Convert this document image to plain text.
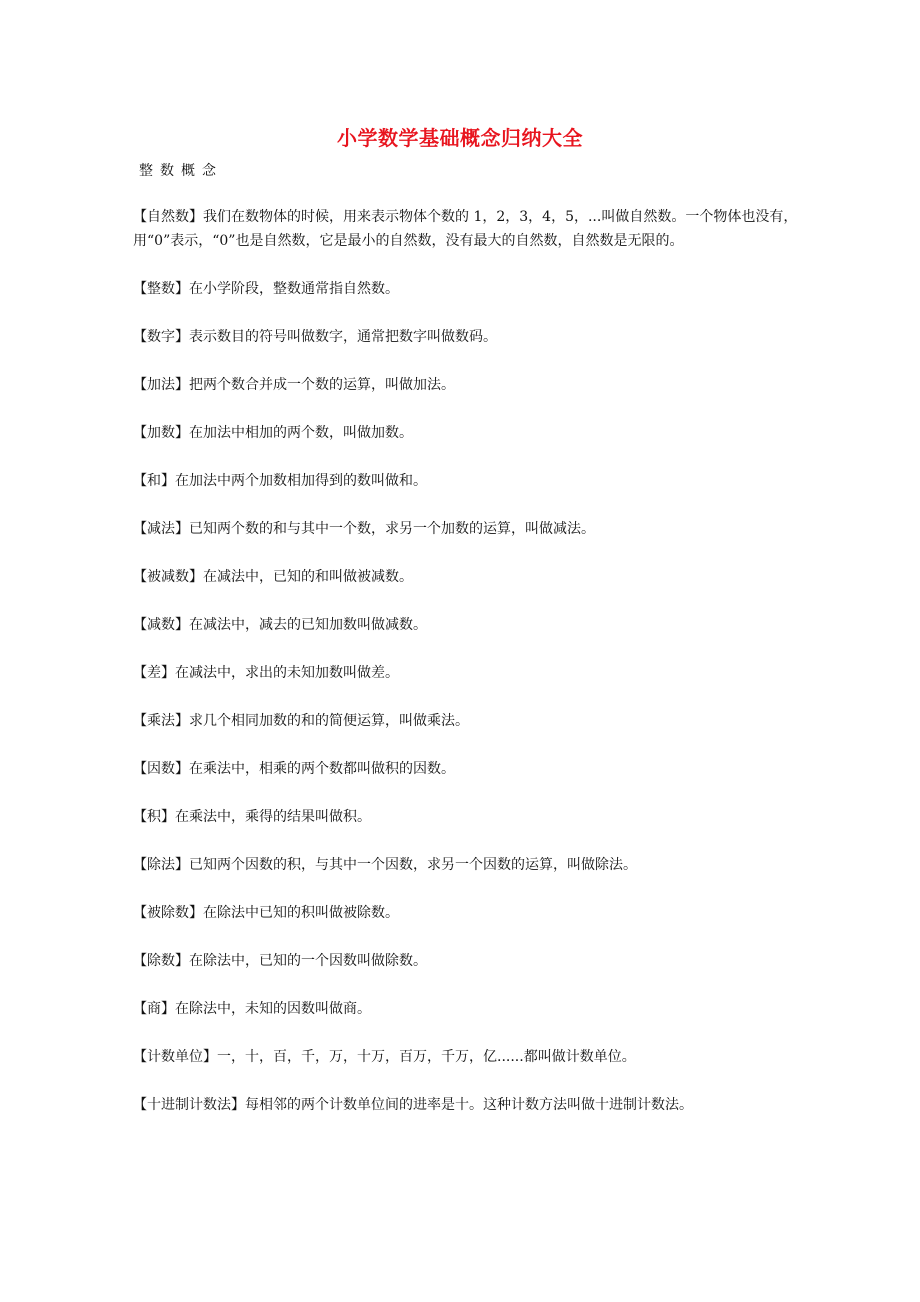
小学数学基础概念归纳大全
整数概念
【自然数】我们在数物体的时候，用来表示物体个数的 1，2，3，4，5，...叫做自然数。一个物体也没有，用“0”表示，“0”也是自然数，它是最小的自然数，没有最大的自然数，自然数是无限的。
【整数】在小学阶段，整数通常指自然数。
【数字】表示数目的符号叫做数字，通常把数字叫做数码。
【加法】把两个数合并成一个数的运算，叫做加法。
【加数】在加法中相加的两个数，叫做加数。
【和】在加法中两个加数相加得到的数叫做和。
【减法】已知两个数的和与其中一个数，求另一个加数的运算，叫做减法。
【被减数】在减法中，已知的和叫做被减数。
【减数】在减法中，减去的已知加数叫做减数。
【差】在减法中，求出的未知加数叫做差。
【乘法】求几个相同加数的和的简便运算，叫做乘法。
【因数】在乘法中，相乘的两个数都叫做积的因数。
【积】在乘法中，乘得的结果叫做积。
【除法】已知两个因数的积，与其中一个因数，求另一个因数的运算，叫做除法。
【被除数】在除法中已知的积叫做被除数。
【除数】在除法中，已知的一个因数叫做除数。
【商】在除法中，未知的因数叫做商。
【计数单位】一，十，百，千，万，十万，百万，千万，亿......都叫做计数单位。
【十进制计数法】每相邻的两个计数单位间的进率是十。这种计数方法叫做十进制计数法。
